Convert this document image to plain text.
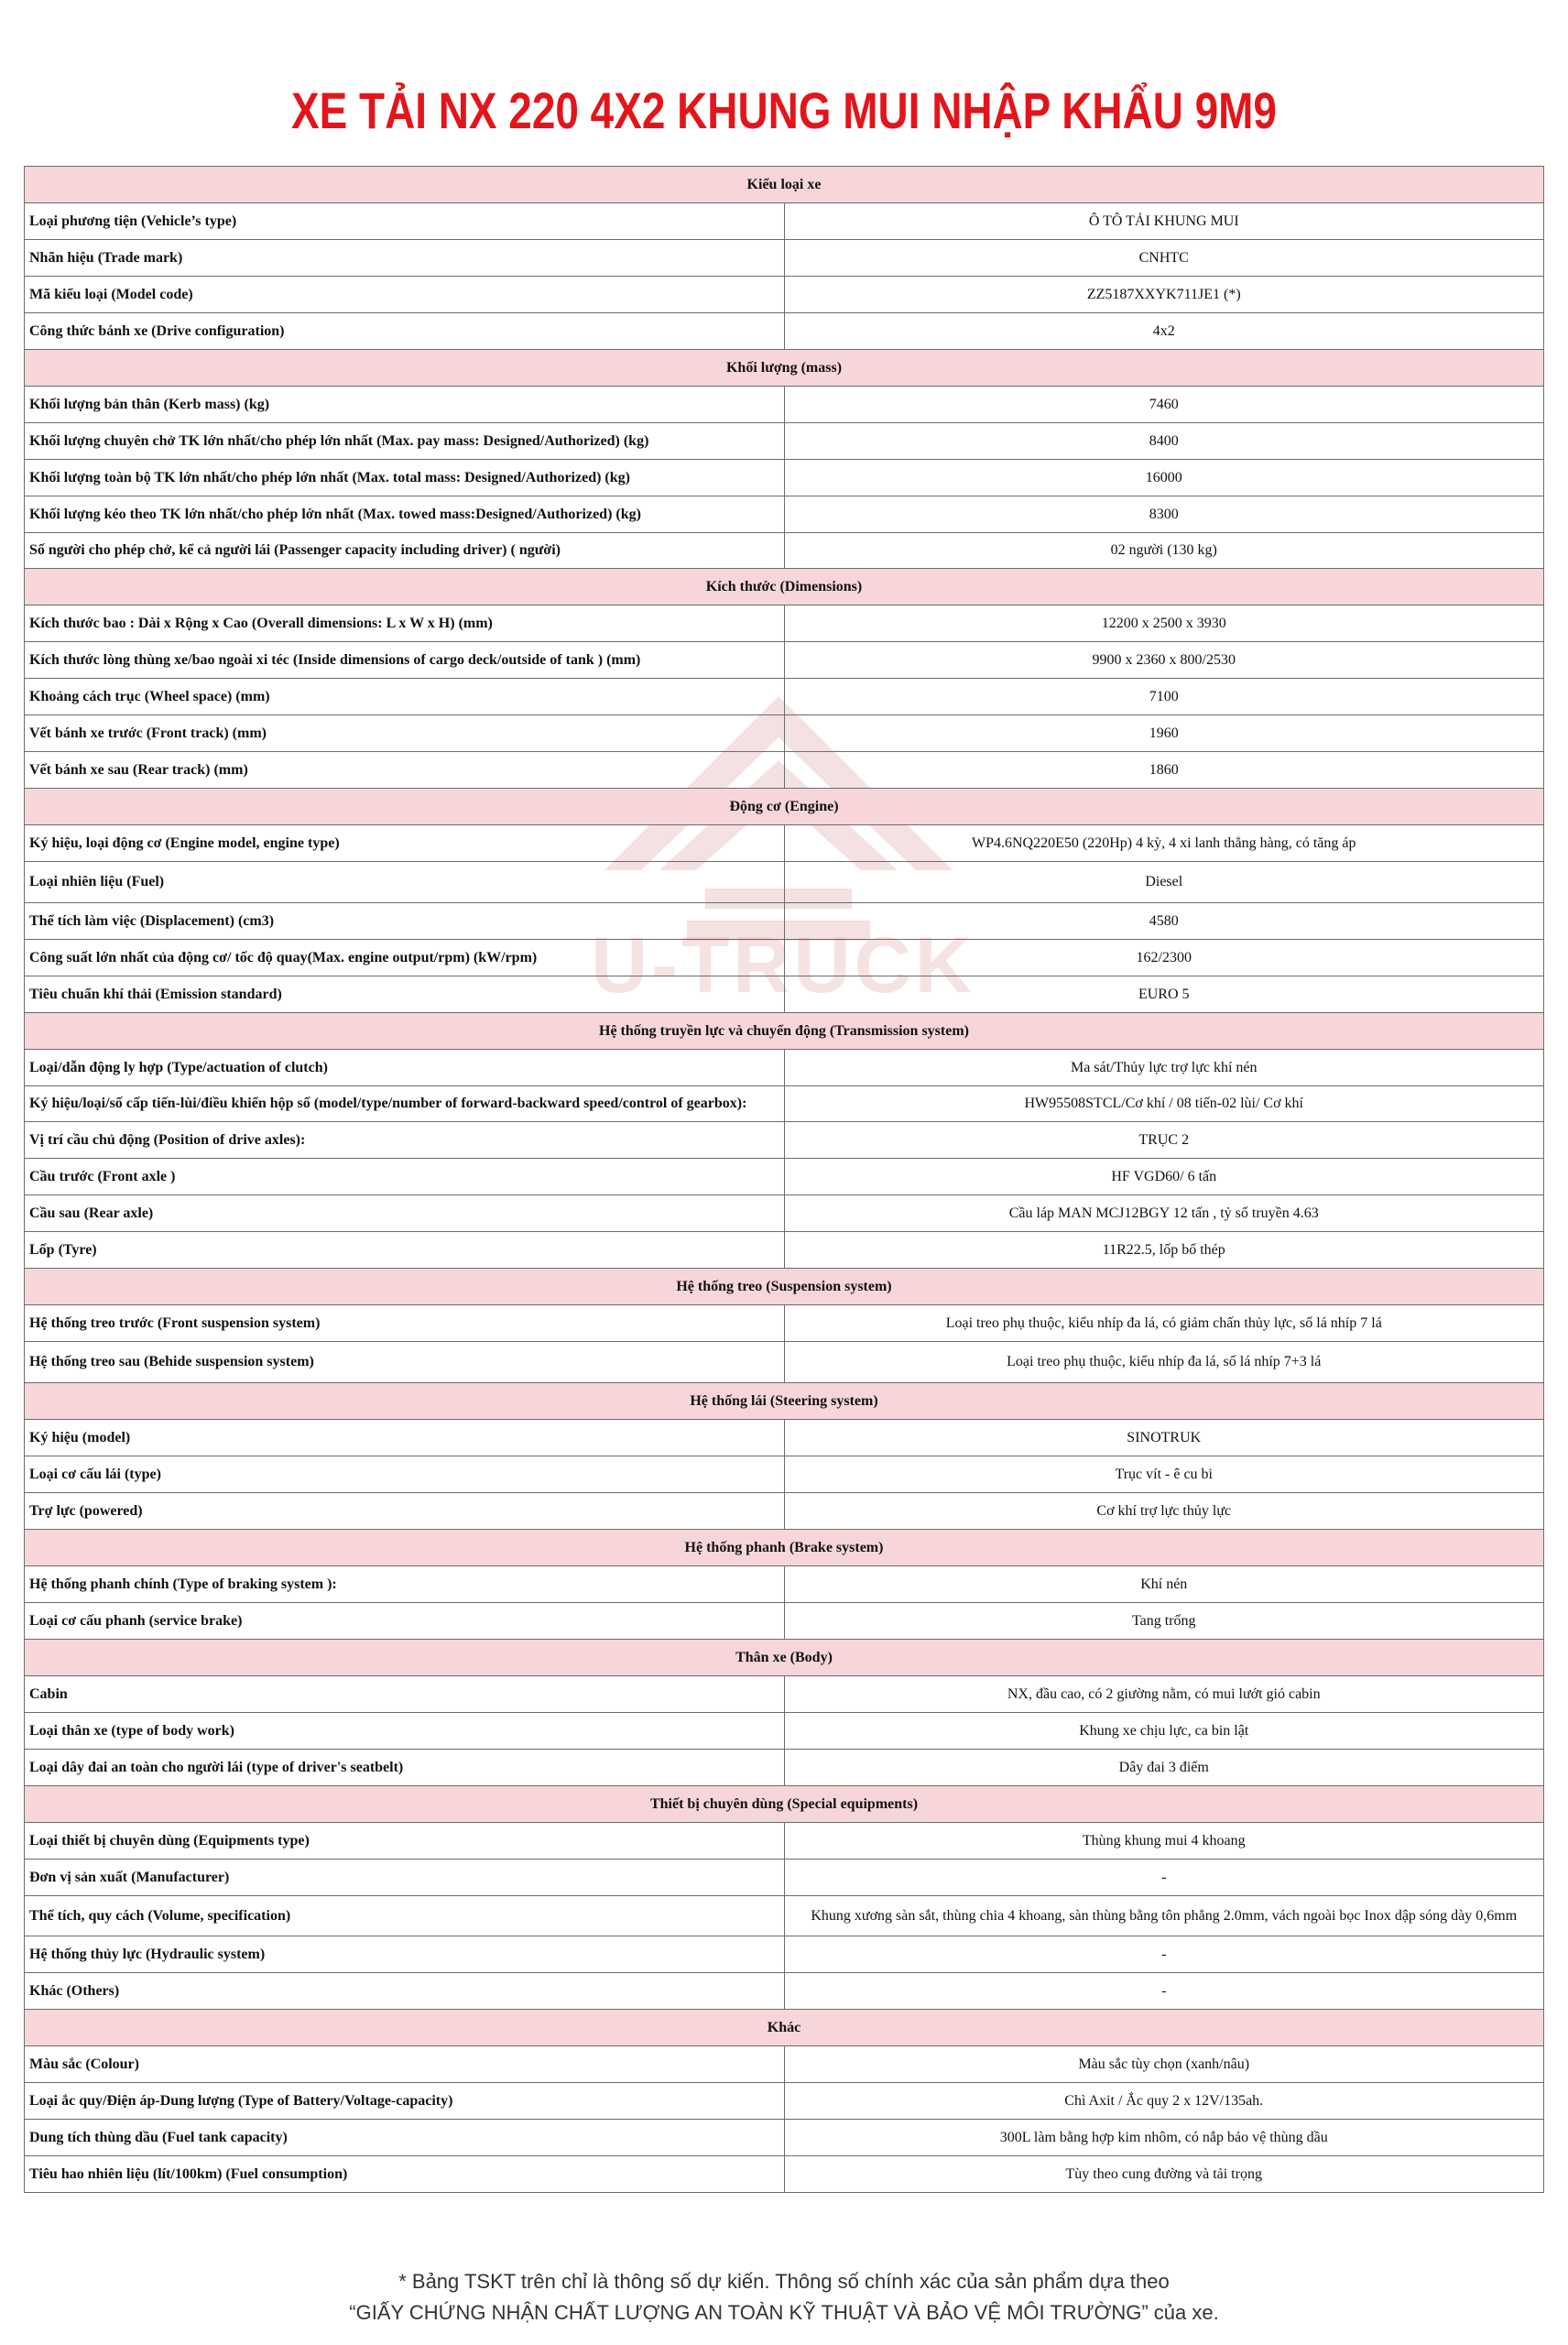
XE TẢI NX 220 4X2 KHUNG MUI NHẬP KHẨU 9M9
U-TRUCK
Kiểu loại xe	
Loại phương tiện (Vehicle’s type)	Ô TÔ TẢI KHUNG MUI
Nhãn hiệu (Trade mark)	CNHTC
Mã kiểu loại (Model code)	ZZ5187XXYK711JE1 (*)
Công thức bánh xe (Drive configuration)	4x2
Khối lượng (mass)	
Khối lượng bản thân (Kerb mass) (kg)	7460
Khối lượng chuyên chở TK lớn nhất/cho phép lớn nhất (Max. pay mass: Designed/Authorized) (kg)	8400
Khối lượng toàn bộ TK lớn nhất/cho phép lớn nhất (Max. total mass: Designed/Authorized) (kg)	16000
Khối lượng kéo theo TK lớn nhất/cho phép lớn nhất (Max. towed mass:Designed/Authorized) (kg)	8300
Số người cho phép chở, kể cả người lái (Passenger capacity including driver) ( người)	02 người (130 kg)
Kích thước (Dimensions)	
Kích thước bao : Dài x Rộng x Cao (Overall dimensions: L x W x H) (mm)	12200 x 2500 x 3930
Kích thước lòng thùng xe/bao ngoài xi téc (Inside dimensions of cargo deck/outside of tank ) (mm)	9900 x 2360 x 800/2530
Khoảng cách trục (Wheel space) (mm)	7100
Vết bánh xe trước (Front track) (mm)	1960
Vết bánh xe sau (Rear track) (mm)	1860
Động cơ (Engine)	
Ký hiệu, loại động cơ (Engine model, engine type)	WP4.6NQ220E50 (220Hp) 4 kỳ, 4 xi lanh thẳng hàng, có tăng áp
Loại nhiên liệu (Fuel)	Diesel
Thể tích làm việc (Displacement) (cm3)	4580
Công suất lớn nhất của động cơ/ tốc độ quay(Max. engine output/rpm) (kW/rpm)	162/2300
Tiêu chuẩn khí thải (Emission standard)	EURO 5
Hệ thống truyền lực và chuyển động (Transmission system)	
Loại/dẫn động ly hợp (Type/actuation of clutch)	Ma sát/Thủy lực trợ lực khí nén
Ký hiệu/loại/số cấp tiến-lùi/điều khiển hộp số (model/type/number of forward-backward speed/control of gearbox):	HW95508STCL/Cơ khí / 08 tiến-02 lùi/ Cơ khí
Vị trí cầu chủ động (Position of drive axles):	TRỤC 2
Cầu trước (Front axle )	HF VGD60/ 6 tấn
Cầu sau (Rear axle)	Cầu láp MAN MCJ12BGY 12 tấn , tỷ số truyền 4.63
Lốp (Tyre)	11R22.5, lốp bố thép
Hệ thống treo (Suspension system)	
Hệ thống treo trước (Front suspension system)	Loại treo phụ thuộc, kiểu nhíp đa lá, có giảm chấn thủy lực, số lá nhíp 7 lá
Hệ thống treo sau (Behide suspension system)	Loại treo phụ thuộc, kiểu nhíp đa lá, số lá nhíp 7+3 lá
Hệ thống lái (Steering system)	
Ký hiệu (model)	SINOTRUK
Loại cơ cấu lái (type)	Trục vít - ê cu bi
Trợ lực (powered)	Cơ khí trợ lực thủy lực
Hệ thống phanh (Brake system)	
Hệ thống phanh chính (Type of braking system ):	Khí nén
Loại cơ cấu phanh (service brake)	Tang trống
Thân xe (Body)	
Cabin	NX, đầu cao, có 2 giường nằm, có mui lướt gió cabin
Loại thân xe (type of body work)	Khung xe chịu lực, ca bin lật
Loại dây đai an toàn cho người lái (type of driver's seatbelt)	Dây đai 3 điểm
Thiết bị chuyên dùng (Special equipments)	
Loại thiết bị chuyên dùng (Equipments type)	Thùng khung mui 4 khoang
Đơn vị sản xuất (Manufacturer)	-
Thể tích, quy cách (Volume, specification)	Khung xương sàn sắt, thùng chia 4 khoang, sàn thùng bằng tôn phẳng 2.0mm, vách ngoài bọc Inox dập sóng dày 0,6mm
Hệ thống thủy lực (Hydraulic system)	-
Khác (Others)	-
Khác	
Màu sắc (Colour)	Màu sắc tùy chọn (xanh/nâu)
Loại ắc quy/Điện áp-Dung lượng (Type of Battery/Voltage-capacity)	Chì Axit / Ắc quy 2 x 12V/135ah.
Dung tích thùng dầu (Fuel tank capacity)	300L làm bằng hợp kim nhôm, có nắp bảo vệ thùng dầu
Tiêu hao nhiên liệu (lít/100km) (Fuel consumption)	Tùy theo cung đường và tải trọng
* Bảng TSKT trên chỉ là thông số dự kiến. Thông số chính xác của sản phẩm dựa theo
“GIẤY CHỨNG NHẬN CHẤT LƯỢNG AN TOÀN KỸ THUẬT VÀ BẢO VỆ MÔI TRƯỜNG” của xe.
